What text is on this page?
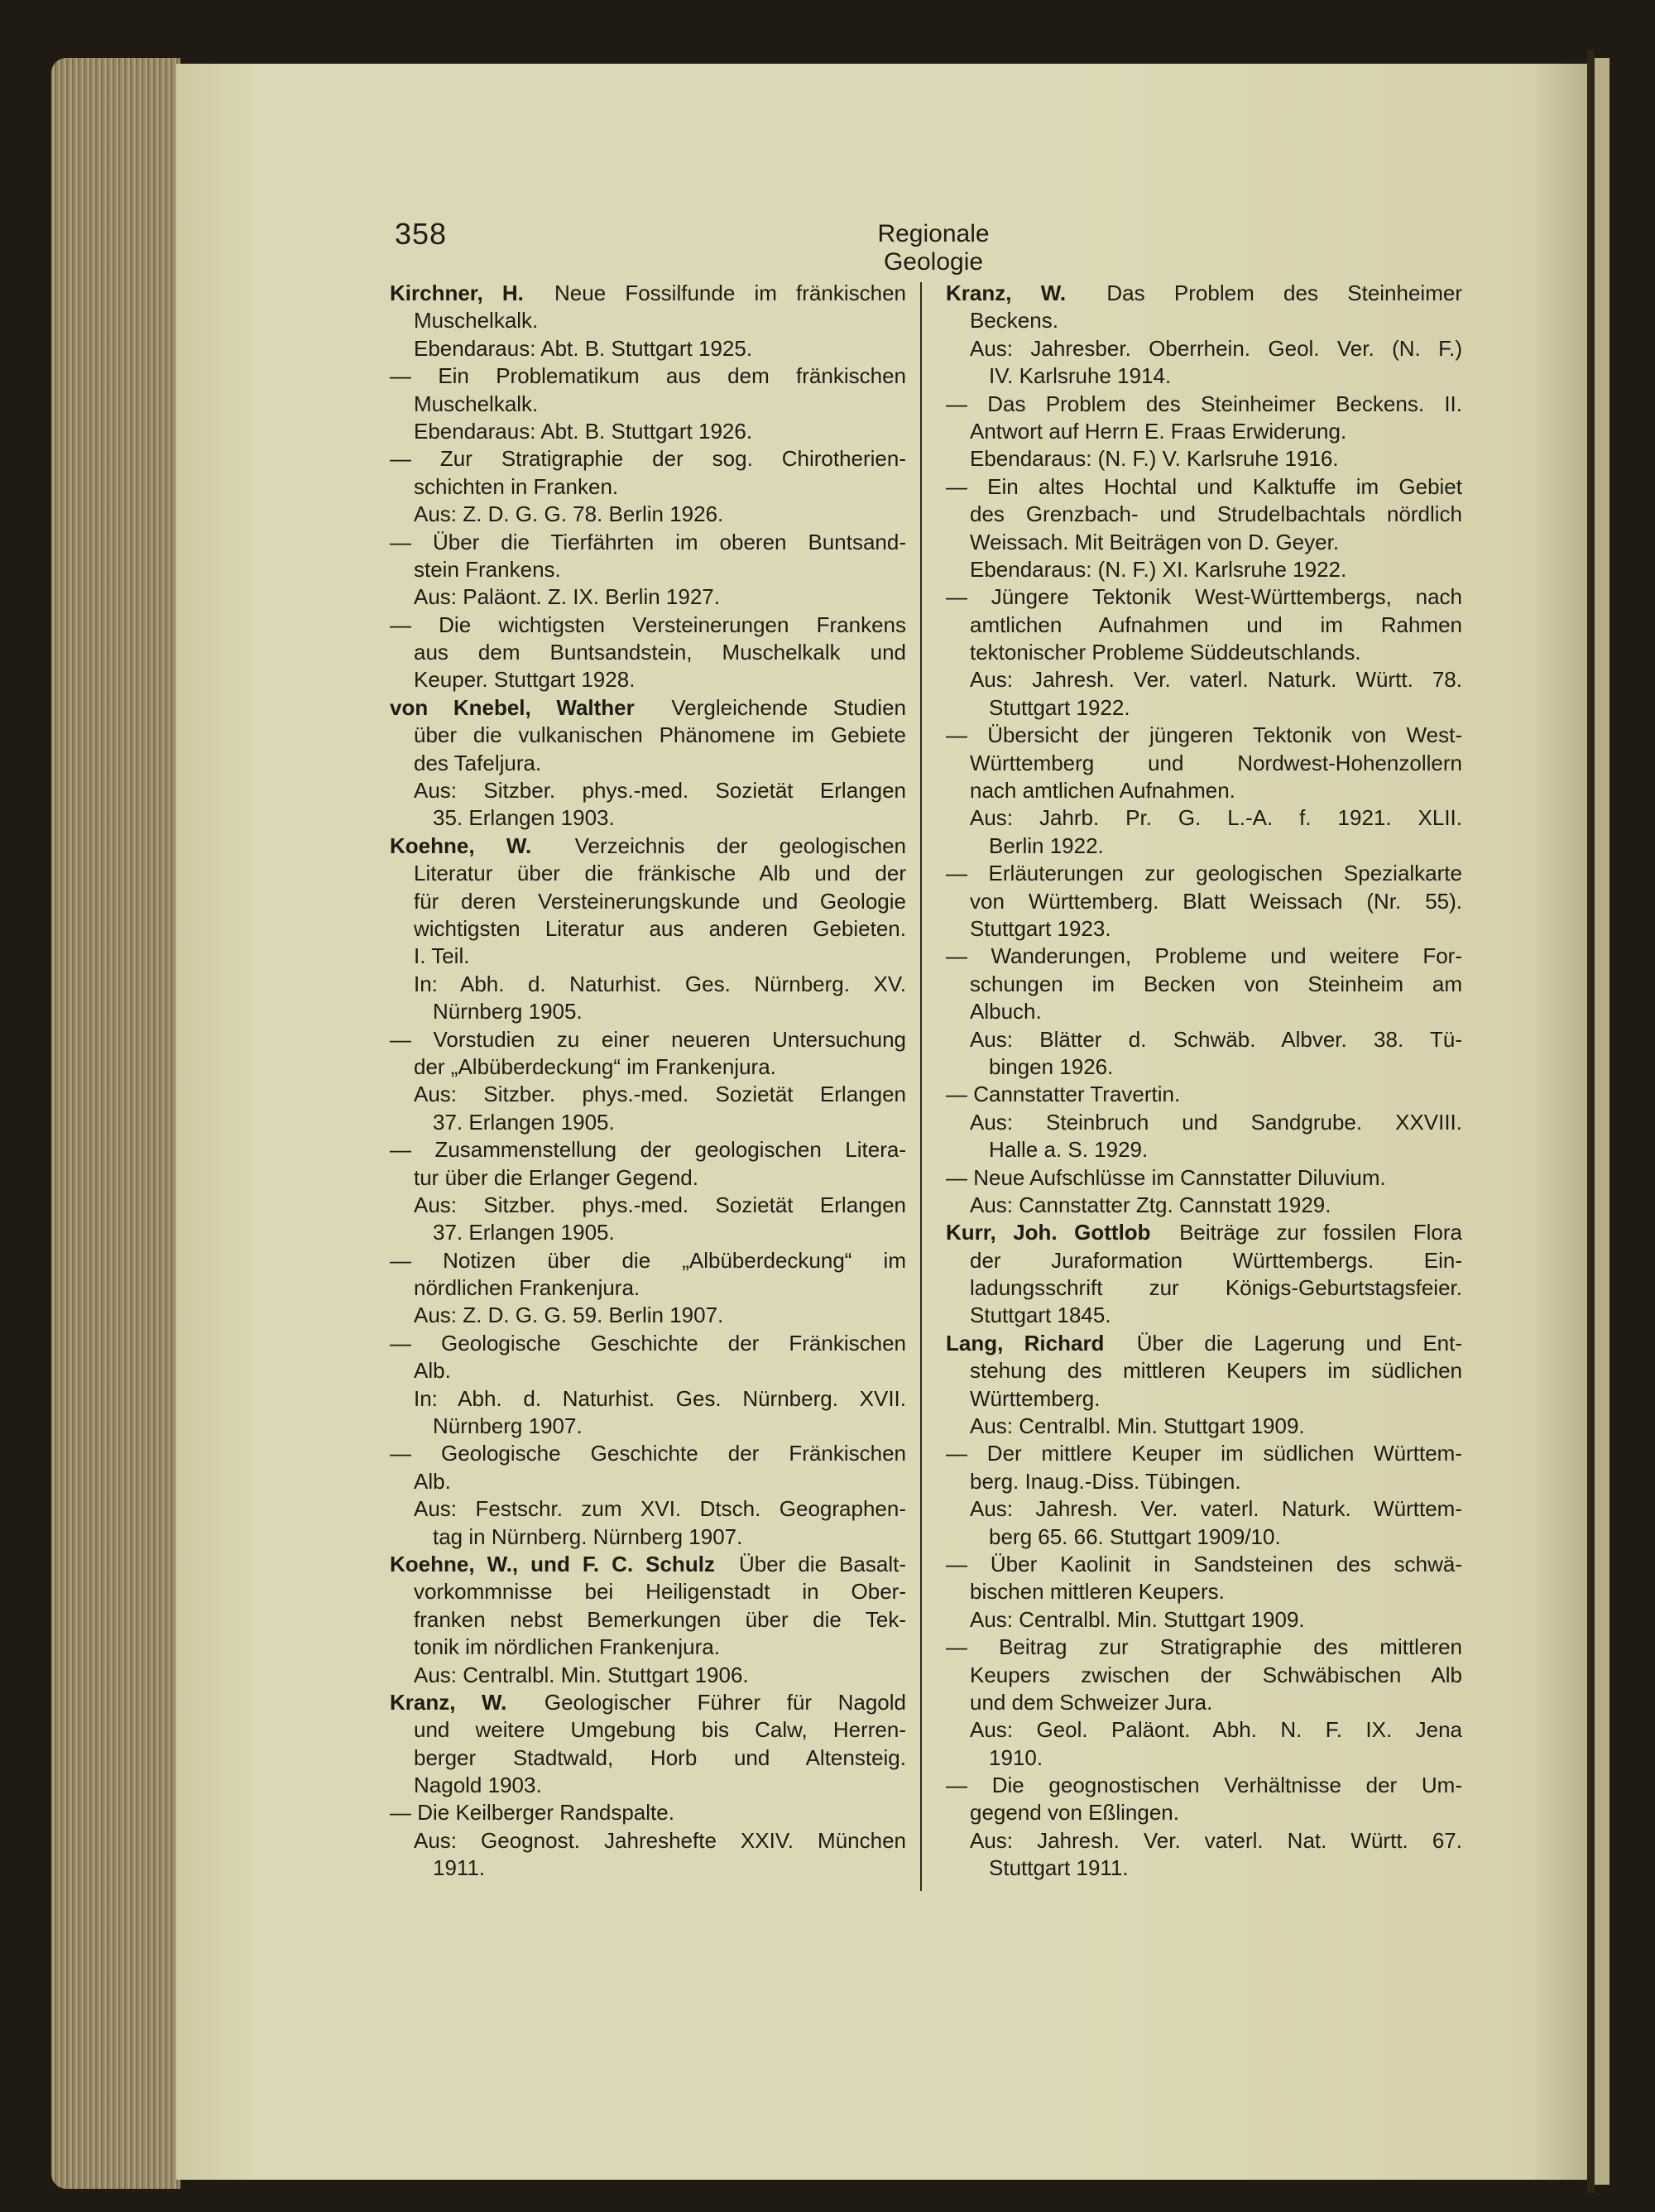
358	Regionale Geologie
Kirchner, H. Neue Fossilfunde im fränkischen
Muschelkalk.
Ebendaraus: Abt. B. Stuttgart 1925.
— Ein Problematikum aus dem fränkischen
Muschelkalk.
Ebendaraus: Abt. B. Stuttgart 1926.
— Zur Stratigraphie der sog. Chirotherien-
schichten in Franken.
Aus: Z. D. G. G. 78. Berlin 1926.
— Über die Tierfährten im oberen Buntsand-
stein Frankens.
Aus: Paläont. Z. IX. Berlin 1927.
— Die wichtigsten Versteinerungen Frankens
aus dem Buntsandstein, Muschelkalk und
Keuper. Stuttgart 1928.
von Knebel, Walther Vergleichende Studien
über die vulkanischen Phänomene im Gebiete
des Tafeljura.
Aus: Sitzber. phys.-med. Sozietät Erlangen
35. Erlangen 1903.
Koehne, W. Verzeichnis der geologischen
Literatur über die fränkische Alb und der
für deren Versteinerungskunde und Geologie
wichtigsten Literatur aus anderen Gebieten.
I. Teil.
In: Abh. d. Naturhist. Ges. Nürnberg. XV.
Nürnberg 1905.
— Vorstudien zu einer neueren Untersuchung
der „Albüberdeckung“ im Frankenjura.
Aus: Sitzber. phys.-med. Sozietät Erlangen
37. Erlangen 1905.
— Zusammenstellung der geologischen Litera-
tur über die Erlanger Gegend.
Aus: Sitzber. phys.-med. Sozietät Erlangen
37. Erlangen 1905.
— Notizen über die „Albüberdeckung“ im
nördlichen Frankenjura.
Aus: Z. D. G. G. 59. Berlin 1907.
— Geologische Geschichte der Fränkischen
Alb.
In: Abh. d. Naturhist. Ges. Nürnberg. XVII.
Nürnberg 1907.
— Geologische Geschichte der Fränkischen
Alb.
Aus: Festschr. zum XVI. Dtsch. Geographen-
tag in Nürnberg. Nürnberg 1907.
Koehne, W., und F. C. Schulz Über die Basalt-
vorkommnisse bei Heiligenstadt in Ober-
franken nebst Bemerkungen über die Tek-
tonik im nördlichen Frankenjura.
Aus: Centralbl. Min. Stuttgart 1906.
Kranz, W. Geologischer Führer für Nagold
und weitere Umgebung bis Calw, Herren-
berger Stadtwald, Horb und Altensteig.
Nagold 1903.
— Die Keilberger Randspalte.
Aus: Geognost. Jahreshefte XXIV. München
1911.
Kranz, W. Das Problem des Steinheimer
Beckens.
Aus: Jahresber. Oberrhein. Geol. Ver. (N. F.)
IV. Karlsruhe 1914.
— Das Problem des Steinheimer Beckens. II.
Antwort auf Herrn E. Fraas Erwiderung.
Ebendaraus: (N. F.) V. Karlsruhe 1916.
— Ein altes Hochtal und Kalktuffe im Gebiet
des Grenzbach- und Strudelbachtals nördlich
Weissach. Mit Beiträgen von D. Geyer.
Ebendaraus: (N. F.) XI. Karlsruhe 1922.
— Jüngere Tektonik West-Württembergs, nach
amtlichen Aufnahmen und im Rahmen
tektonischer Probleme Süddeutschlands.
Aus: Jahresh. Ver. vaterl. Naturk. Württ. 78.
Stuttgart 1922.
— Übersicht der jüngeren Tektonik von West-
Württemberg und Nordwest-Hohenzollern
nach amtlichen Aufnahmen.
Aus: Jahrb. Pr. G. L.-A. f. 1921. XLII.
Berlin 1922.
— Erläuterungen zur geologischen Spezialkarte
von Württemberg. Blatt Weissach (Nr. 55).
Stuttgart 1923.
— Wanderungen, Probleme und weitere For-
schungen im Becken von Steinheim am
Albuch.
Aus: Blätter d. Schwäb. Albver. 38. Tü-
bingen 1926.
— Cannstatter Travertin.
Aus: Steinbruch und Sandgrube. XXVIII.
Halle a. S. 1929.
— Neue Aufschlüsse im Cannstatter Diluvium.
Aus: Cannstatter Ztg. Cannstatt 1929.
Kurr, Joh. Gottlob Beiträge zur fossilen Flora
der Juraformation Württembergs. Ein-
ladungsschrift zur Königs-Geburtstagsfeier.
Stuttgart 1845.
Lang, Richard Über die Lagerung und Ent-
stehung des mittleren Keupers im südlichen
Württemberg.
Aus: Centralbl. Min. Stuttgart 1909.
— Der mittlere Keuper im südlichen Württem-
berg. Inaug.-Diss. Tübingen.
Aus: Jahresh. Ver. vaterl. Naturk. Württem-
berg 65. 66. Stuttgart 1909/10.
— Über Kaolinit in Sandsteinen des schwä-
bischen mittleren Keupers.
Aus: Centralbl. Min. Stuttgart 1909.
— Beitrag zur Stratigraphie des mittleren
Keupers zwischen der Schwäbischen Alb
und dem Schweizer Jura.
Aus: Geol. Paläont. Abh. N. F. IX. Jena
1910.
— Die geognostischen Verhältnisse der Um-
gegend von Eßlingen.
Aus: Jahresh. Ver. vaterl. Nat. Württ. 67.
Stuttgart 1911.
